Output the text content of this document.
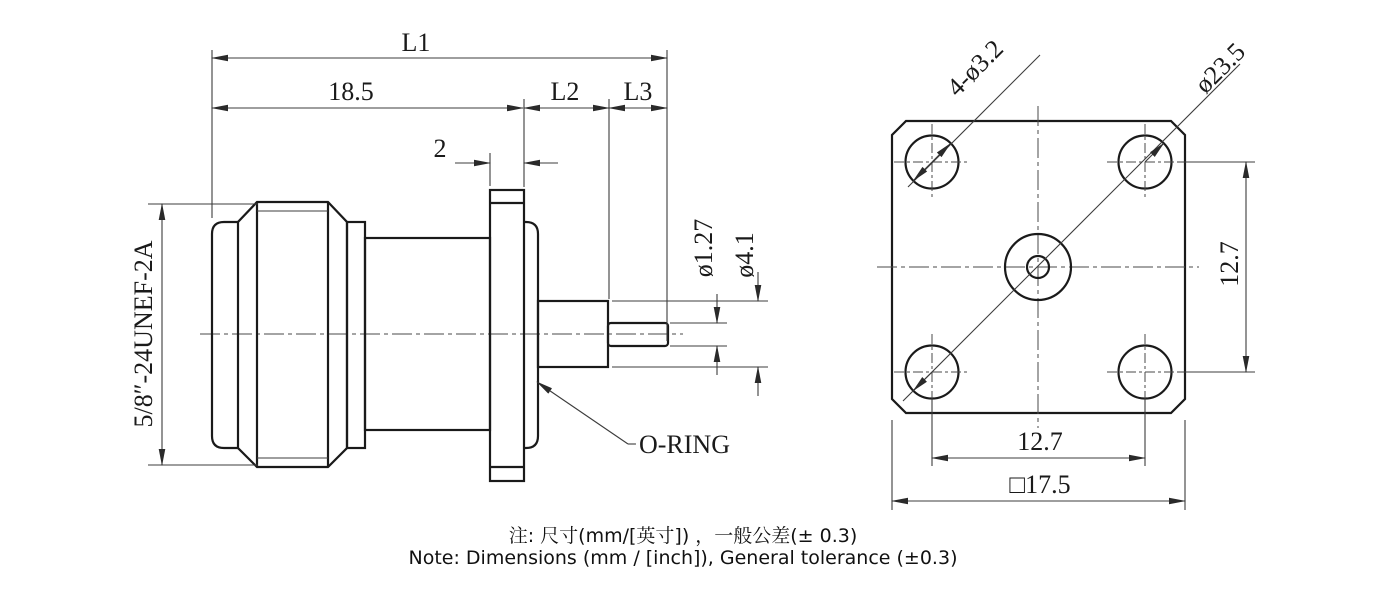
L1
18.5	L2 L3
2
5/8″-24UNEF-2A	ø1.27 ø4.1
O-RING
4-ø3.2	ø23.5
12.7
12.7
□17.5
注: 尺寸(mm/[英寸]) ，一般公差(± 0.3)
Note: Dimensions (mm / [inch]), General tolerance (±0.3)
